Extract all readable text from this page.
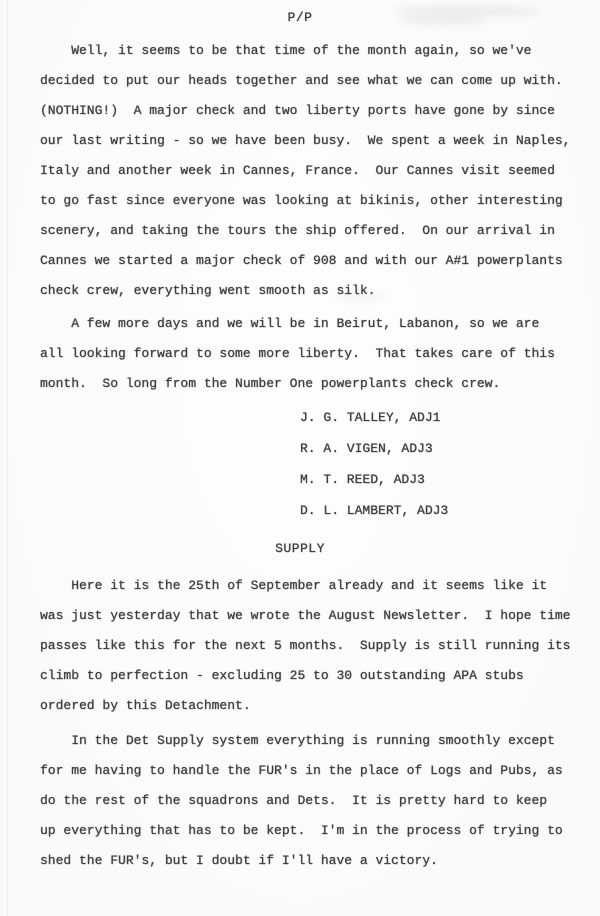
P/P
Well, it seems to be that time of the month again, so we've
decided to put our heads together and see what we can come up with.
(NOTHING!)  A major check and two liberty ports have gone by since
our last writing - so we have been busy.  We spent a week in Naples,
Italy and another week in Cannes, France.  Our Cannes visit seemed
to go fast since everyone was looking at bikinis, other interesting
scenery, and taking the tours the ship offered.  On our arrival in
Cannes we started a major check of 908 and with our A#1 powerplants
check crew, everything went smooth as silk.
A few more days and we will be in Beirut, Labanon, so we are
all looking forward to some more liberty.  That takes care of this
month.  So long from the Number One powerplants check crew.
J. G. TALLEY, ADJ1
R. A. VIGEN, ADJ3
M. T. REED, ADJ3
D. L. LAMBERT, ADJ3
SUPPLY
Here it is the 25th of September already and it seems like it
was just yesterday that we wrote the August Newsletter.  I hope time
passes like this for the next 5 months.  Supply is still running its
climb to perfection - excluding 25 to 30 outstanding APA stubs
ordered by this Detachment.
In the Det Supply system everything is running smoothly except
for me having to handle the FUR's in the place of Logs and Pubs, as
do the rest of the squadrons and Dets.  It is pretty hard to keep
up everything that has to be kept.  I'm in the process of trying to
shed the FUR's, but I doubt if I'll have a victory.
